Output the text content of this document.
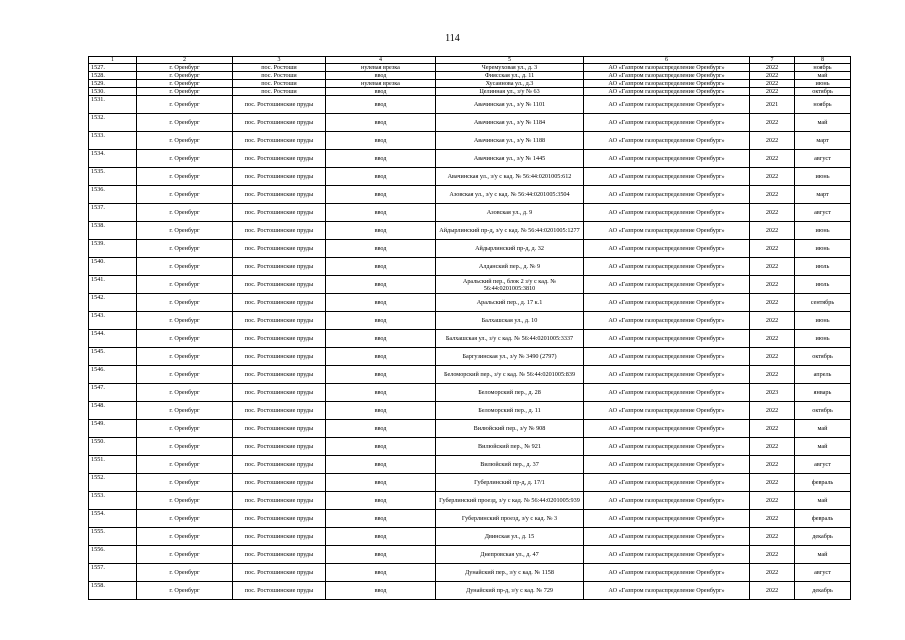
114
1	2	3	4	5	6	7	8
1527.	г. Оренбург	пос. Ростоши	нулевая врезка	Черемуховая ул., д. 3	АО «Газпром газораспределение Оренбург»	2022	ноябрь
1528.	г. Оренбург	пос. Ростоши	ввод	Фиясская ул., д. 11	АО «Газпром газораспределение Оренбург»	2022	май
1529.	г. Оренбург	пос. Ростоши	нулевая врезка	Хусаинова ул., д.3	АО «Газпром газораспределение Оренбург»	2022	июнь
1530.	г. Оренбург	пос. Ростоши	ввод	Целинная ул., з/у № 63	АО «Газпром газораспределение Оренбург»	2022	октябрь
1531.	г. Оренбург	пос. Ростошинские пруды	ввод	Авачинская ул., з/у № 1101	АО «Газпром газораспределение Оренбург»	2021	ноябрь
1532.	г. Оренбург	пос. Ростошинские пруды	ввод	Авачинская ул., з/у № 1184	АО «Газпром газораспределение Оренбург»	2022	май
1533.	г. Оренбург	пос. Ростошинские пруды	ввод	Авачинская ул., з/у № 1188	АО «Газпром газораспределение Оренбург»	2022	март
1534.	г. Оренбург	пос. Ростошинские пруды	ввод	Авачинская ул., з/у № 1445	АО «Газпром газораспределение Оренбург»	2022	август
1535.	г. Оренбург	пос. Ростошинские пруды	ввод	Авачинская ул., з/у с кад. № 56:44:0201005:612	АО «Газпром газораспределение Оренбург»	2022	июнь
1536.	г. Оренбург	пос. Ростошинские пруды	ввод	Азовская ул., з/у с кад. № 56:44:0201005:3504	АО «Газпром газораспределение Оренбург»	2022	март
1537.	г. Оренбург	пос. Ростошинские пруды	ввод	Азовская ул., д. 9	АО «Газпром газораспределение Оренбург»	2022	август
1538.	г. Оренбург	пос. Ростошинские пруды	ввод	Айдырлинский пр-д, з/у с кад. № 56:44:0201005:1277	АО «Газпром газораспределение Оренбург»	2022	июнь
1539.	г. Оренбург	пос. Ростошинские пруды	ввод	Айдырлинский пр-д, д. 32	АО «Газпром газораспределение Оренбург»	2022	июнь
1540.	г. Оренбург	пос. Ростошинские пруды	ввод	Алданский пер., д. № 9	АО «Газпром газораспределение Оренбург»	2022	июль
1541.	г. Оренбург	пос. Ростошинские пруды	ввод	Аральский пер., блок 2 з/у с кад. № 56:44:0201005:3810	АО «Газпром газораспределение Оренбург»	2022	июль
1542.	г. Оренбург	пос. Ростошинские пруды	ввод	Аральский пер., д. 17 к.1	АО «Газпром газораспределение Оренбург»	2022	сентябрь
1543.	г. Оренбург	пос. Ростошинские пруды	ввод	Балхашская ул., д. 10	АО «Газпром газораспределение Оренбург»	2022	июнь
1544.	г. Оренбург	пос. Ростошинские пруды	ввод	Балхашская ул., з/у с кад. № 56:44:0201005:3337	АО «Газпром газораспределение Оренбург»	2022	июнь
1545.	г. Оренбург	пос. Ростошинские пруды	ввод	Баргузинская ул., з/у № 3490 (2797)	АО «Газпром газораспределение Оренбург»	2022	октябрь
1546.	г. Оренбург	пос. Ростошинские пруды	ввод	Беломорский пер., з/у с кад. № 56:44:0201005:839	АО «Газпром газораспределение Оренбург»	2022	апрель
1547.	г. Оренбург	пос. Ростошинские пруды	ввод	Беломорский пер., д. 28	АО «Газпром газораспределение Оренбург»	2023	январь
1548.	г. Оренбург	пос. Ростошинские пруды	ввод	Беломорский пер., д. 11	АО «Газпром газораспределение Оренбург»	2022	октябрь
1549.	г. Оренбург	пос. Ростошинские пруды	ввод	Вилюйский пер., з/у № 908	АО «Газпром газораспределение Оренбург»	2022	май
1550.	г. Оренбург	пос. Ростошинские пруды	ввод	Вилюйский пер., № 921	АО «Газпром газораспределение Оренбург»	2022	май
1551.	г. Оренбург	пос. Ростошинские пруды	ввод	Вилюйский пер., д. 37	АО «Газпром газораспределение Оренбург»	2022	август
1552.	г. Оренбург	пос. Ростошинские пруды	ввод	Губерлинский пр-д, д. 17/1	АО «Газпром газораспределение Оренбург»	2022	февраль
1553.	г. Оренбург	пос. Ростошинские пруды	ввод	Губерлинский проезд, з/у с кад. № 56:44:0201005:939	АО «Газпром газораспределение Оренбург»	2022	май
1554.	г. Оренбург	пос. Ростошинские пруды	ввод	Губерлинский проезд, з/у с кад. № 3	АО «Газпром газораспределение Оренбург»	2022	февраль
1555.	г. Оренбург	пос. Ростошинские пруды	ввод	Двинская ул., д. 15	АО «Газпром газораспределение Оренбург»	2022	декабрь
1556.	г. Оренбург	пос. Ростошинские пруды	ввод	Днепровская ул., д. 47	АО «Газпром газораспределение Оренбург»	2022	май
1557.	г. Оренбург	пос. Ростошинские пруды	ввод	Дунайский пер., з/у с кад. № 1158	АО «Газпром газораспределение Оренбург»	2022	август
1558.	г. Оренбург	пос. Ростошинские пруды	ввод	Дунайский пр-д, з/у с кад. № 729	АО «Газпром газораспределение Оренбург»	2022	декабрь
